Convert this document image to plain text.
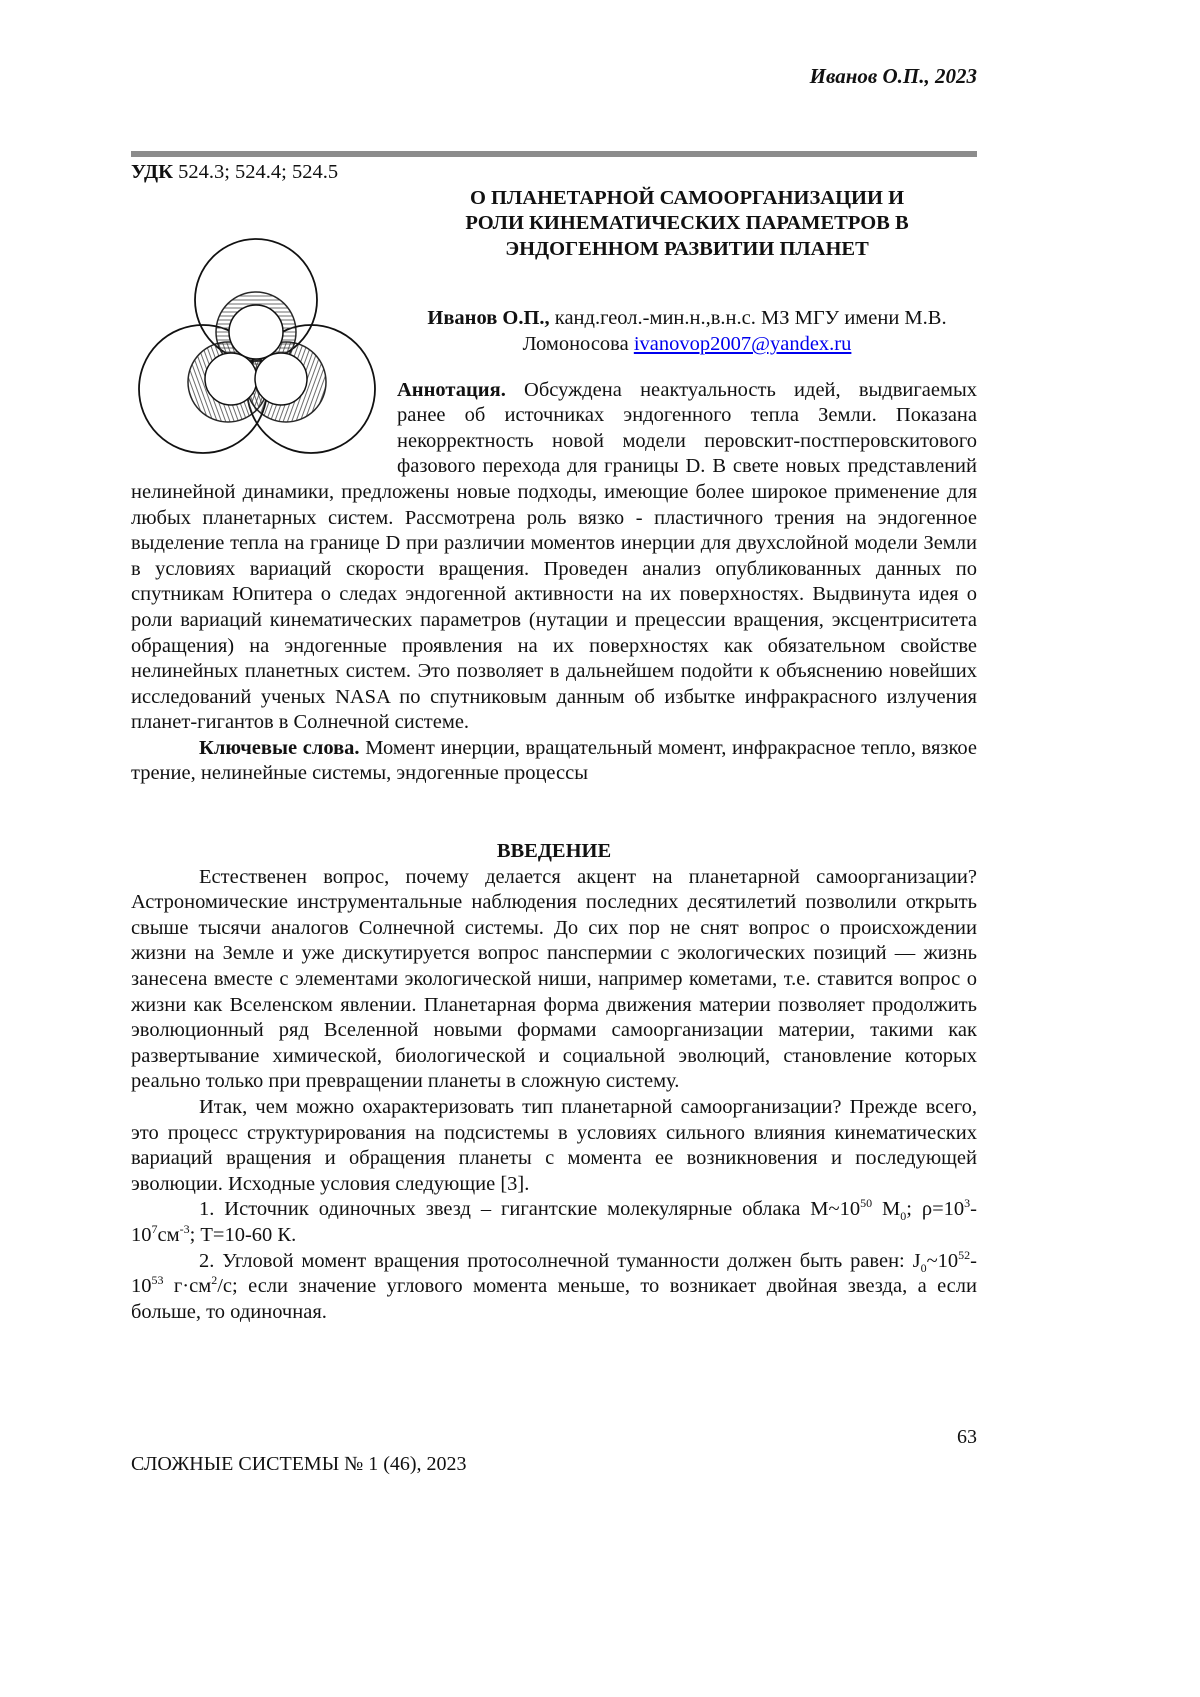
Иванов О.П., 2023

УДК 524.3; 524.4; 524.5

О ПЛАНЕТАРНОЙ САМООРГАНИЗАЦИИ И
РОЛИ КИНЕМАТИЧЕСКИХ ПАРАМЕТРОВ В
ЭНДОГЕННОМ РАЗВИТИИ ПЛАНЕТ
Иванов О.П., канд.геол.-мин.н.,в.н.с. МЗ МГУ имени М.В. Ломоносова ivanovop2007@yandex.ru

Аннотация. Обсуждена неактуальность идей, выдвигаемых ранее об источниках эндогенного тепла Земли. Показана некорректность новой модели перовскит-постперовскитового фазового перехода для границы D. В свете новых представлений нелинейной динамики, предложены новые подходы, имеющие более широкое применение для любых планетарных систем. Рассмотрена роль вязко - пластичного трения на эндогенное выделение тепла на границе D при различии моментов инерции для двухслойной модели Земли в условиях вариаций скорости вращения. Проведен анализ опубликованных данных по спутникам Юпитера о следах эндогенной активности на их поверхностях. Выдвинута идея о роли вариаций кинематических параметров (нутации и прецессии вращения, эксцентриситета обращения) на эндогенные проявления на их поверхностях как обязательном свойстве нелинейных планетных систем. Это позволяет в дальнейшем подойти к объяснению новейших исследований ученых NASA по спутниковым данным об избытке инфракрасного излучения планет-гигантов в Солнечной системе.

Ключевые слова. Момент инерции, вращательный момент, инфракрасное тепло, вязкое трение, нелинейные системы, эндогенные процессы

ВВЕДЕНИЕ

Естественен вопрос, почему делается акцент на планетарной самоорганизации? Астрономические инструментальные наблюдения последних десятилетий позволили открыть свыше тысячи аналогов Солнечной системы. До сих пор не снят вопрос о происхождении жизни на Земле и уже дискутируется вопрос панспермии с экологических позиций — жизнь занесена вместе с элементами экологической ниши, например кометами, т.е. ставится вопрос о жизни как Вселенском явлении. Планетарная форма движения материи позволяет продолжить эволюционный ряд Вселенной новыми формами самоорганизации материи, такими как развертывание химической, биологической и социальной эволюций, становление которых реально только при превращении планеты в сложную систему.

Итак, чем можно охарактеризовать тип планетарной самоорганизации? Прежде всего, это процесс структурирования на подсистемы в условиях сильного влияния кинематических вариаций вращения и обращения планеты с момента ее возникновения и последующей эволюции. Исходные условия следующие [3].

1. Источник одиночных звезд – гигантские молекулярные облака M~1050 M0; ρ=103-107см-3; T=10-60 К.

2. Угловой момент вращения протосолнечной туманности должен быть равен: J0~1052-1053 г·см2/с; если значение углового момента меньше, то возникает двойная звезда, а если больше, то одиночная.

63
СЛОЖНЫЕ СИСТЕМЫ № 1 (46), 2023
